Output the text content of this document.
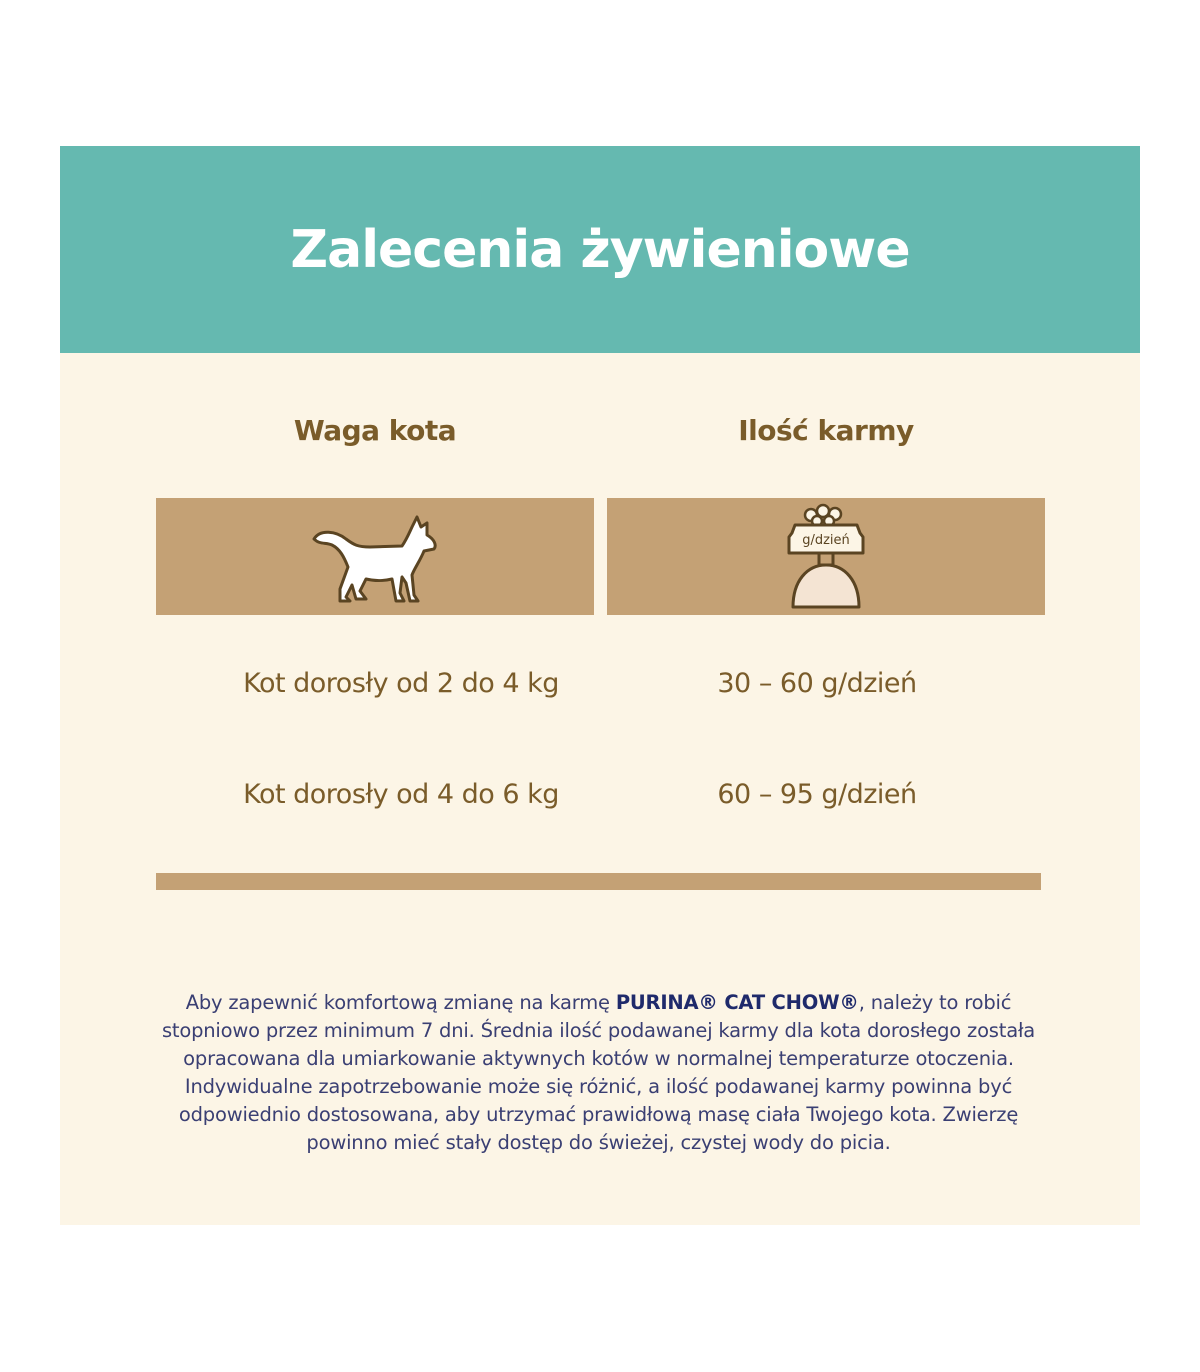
Zalecenia żywieniowe
Waga kota	Ilość karmy
g/dzień
Kot dorosły od 2 do 4 kg	30 – 60 g/dzień
Kot dorosły od 4 do 6 kg	60 – 95 g/dzień

Aby zapewnić komfortową zmianę na karmę PURINA® CAT CHOW®, należy to robić stopniowo przez minimum 7 dni. Średnia ilość podawanej karmy dla kota dorosłego została opracowana dla umiarkowanie aktywnych kotów w normalnej temperaturze otoczenia. Indywidualne zapotrzebowanie może się różnić, a ilość podawanej karmy powinna być odpowiednio dostosowana, aby utrzymać prawidłową masę ciała Twojego kota. Zwierzę powinno mieć stały dostęp do świeżej, czystej wody do picia.
